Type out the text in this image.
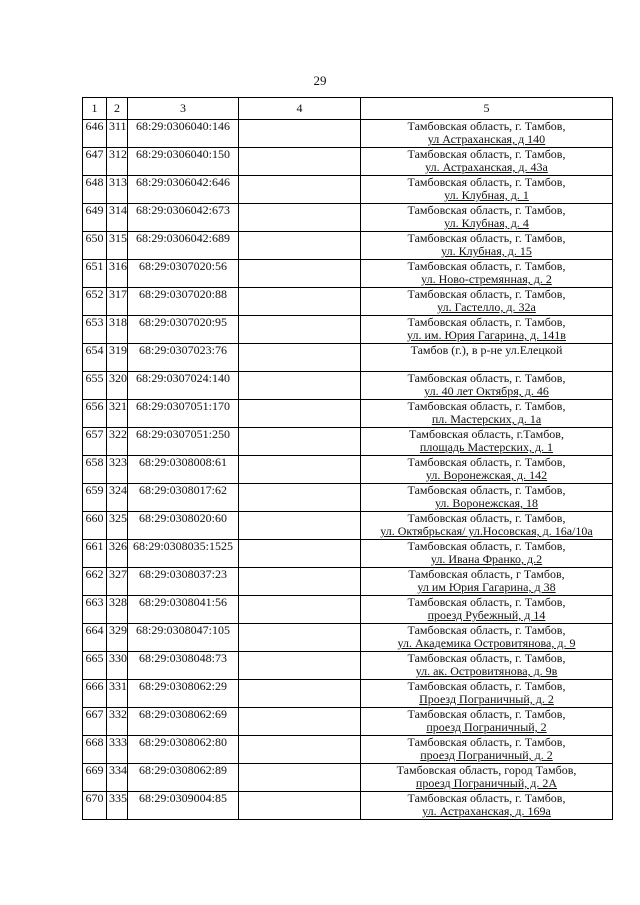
29
1	2	3	4	5
646	311	68:29:0306040:146		Тамбовская область, г. Тамбов,
ул Астраханская, д 140

647	312	68:29:0306040:150		Тамбовская область, г. Тамбов,
ул. Астраханская, д. 43а

648	313	68:29:0306042:646		Тамбовская область, г. Тамбов,
ул. Клубная, д. 1

649	314	68:29:0306042:673		Тамбовская область, г. Тамбов,
ул. Клубная, д. 4

650	315	68:29:0306042:689		Тамбовская область, г. Тамбов,
ул. Клубная, д. 15

651	316	68:29:0307020:56		Тамбовская область, г. Тамбов,
ул. Ново-стремянная, д. 2

652	317	68:29:0307020:88		Тамбовская область, г. Тамбов,
ул. Гастелло, д. 32а

653	318	68:29:0307020:95		Тамбовская область, г. Тамбов,
ул. им. Юрия Гагарина, д. 141в

654	319	68:29:0307023:76		Тамбов (г.), в р-не ул.Елецкой

655	320	68:29:0307024:140		Тамбовская область, г. Тамбов,
ул. 40 лет Октября, д. 46

656	321	68:29:0307051:170		Тамбовская область, г. Тамбов,
пл. Мастерских, д. 1а

657	322	68:29:0307051:250		Тамбовская область, г.Тамбов,
площадь Мастерских, д. 1

658	323	68:29:0308008:61		Тамбовская область, г. Тамбов,
ул. Воронежская, д. 142

659	324	68:29:0308017:62		Тамбовская область, г. Тамбов,
ул. Воронежская, 18

660	325	68:29:0308020:60		Тамбовская область, г. Тамбов,
ул. Октябрьская/ ул.Носовская, д. 16а/10а

661	326	68:29:0308035:1525		Тамбовская область, г. Тамбов,
ул. Ивана Франко, д.2

662	327	68:29:0308037:23		Тамбовская область, г Тамбов,
ул им Юрия Гагарина, д 38

663	328	68:29:0308041:56		Тамбовская область, г. Тамбов,
проезд Рубежный, д 14

664	329	68:29:0308047:105		Тамбовская область, г. Тамбов,
ул. Академика Островитянова, д. 9

665	330	68:29:0308048:73		Тамбовская область, г. Тамбов,
ул. ак. Островитянова, д. 9в

666	331	68:29:0308062:29		Тамбовская область, г. Тамбов,
Проезд Пограничный, д. 2

667	332	68:29:0308062:69		Тамбовская область, г. Тамбов,
проезд Пограничный, 2

668	333	68:29:0308062:80		Тамбовская область, г. Тамбов,
проезд Пограничный, д. 2

669	334	68:29:0308062:89		Тамбовская область, город Тамбов,
проезд Пограничный, д. 2А

670	335	68:29:0309004:85		Тамбовская область, г. Тамбов,
ул. Астраханская, д. 169а
